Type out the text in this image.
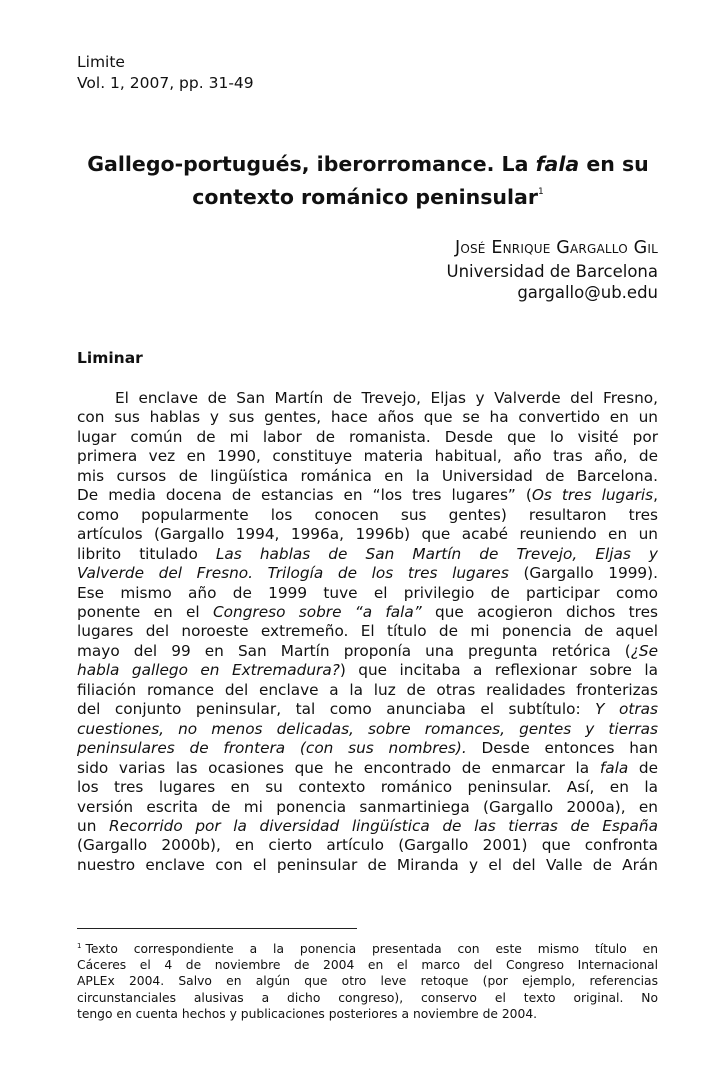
Limite
Vol. 1, 2007, pp. 31-49
Gallego-portugués, iberorromance. La fala en su
contexto románico peninsular$^1$
José Enrique Gargallo Gil
Universidad de Barcelona
gargallo@ub.edu
Liminar
El enclave de San Martín de Trevejo, Eljas y Valverde del Fresno,
con sus hablas y sus gentes, hace años que se ha convertido en un
lugar común de mi labor de romanista. Desde que lo visité por
primera vez en 1990, constituye materia habitual, año tras año, de
mis cursos de lingüística románica en la Universidad de Barcelona.
De media docena de estancias en “los tres lugares” (Os tres lugaris,
como popularmente los conocen sus gentes) resultaron tres
artículos (Gargallo 1994, 1996a, 1996b) que acabé reuniendo en un
librito titulado Las hablas de San Martín de Trevejo, Eljas y
Valverde del Fresno. Trilogía de los tres lugares (Gargallo 1999).
Ese mismo año de 1999 tuve el privilegio de participar como
ponente en el Congreso sobre “a fala” que acogieron dichos tres
lugares del noroeste extremeño. El título de mi ponencia de aquel
mayo del 99 en San Martín proponía una pregunta retórica (¿Se
habla gallego en Extremadura?) que incitaba a reflexionar sobre la
filiación romance del enclave a la luz de otras realidades fronterizas
del conjunto peninsular, tal como anunciaba el subtítulo: Y otras
cuestiones, no menos delicadas, sobre romances, gentes y tierras
peninsulares de frontera (con sus nombres). Desde entonces han
sido varias las ocasiones que he encontrado de enmarcar la fala de
los tres lugares en su contexto románico peninsular. Así, en la
versión escrita de mi ponencia sanmartiniega (Gargallo 2000a), en
un Recorrido por la diversidad lingüística de las tierras de España
(Gargallo 2000b), en cierto artículo (Gargallo 2001) que confronta
nuestro enclave con el peninsular de Miranda y el del Valle de Arán
$^1$ Texto correspondiente a la ponencia presentada con este mismo título en
Cáceres el 4 de noviembre de 2004 en el marco del Congreso Internacional
APLEx 2004. Salvo en algún que otro leve retoque (por ejemplo, referencias
circunstanciales alusivas a dicho congreso), conservo el texto original. No
tengo en cuenta hechos y publicaciones posteriores a noviembre de 2004.
